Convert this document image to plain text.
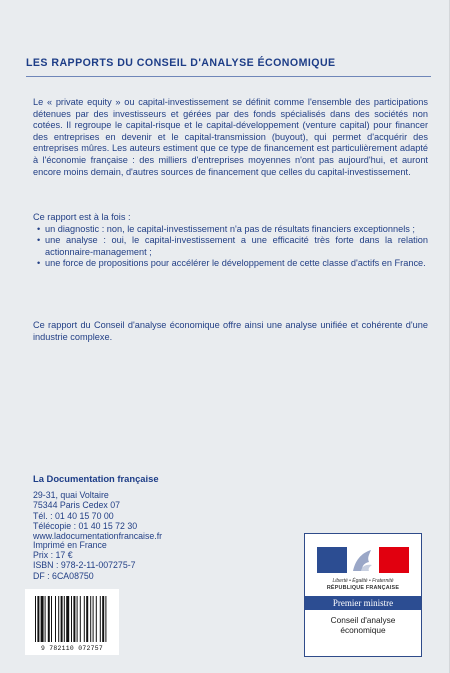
LES RAPPORTS DU CONSEIL D'ANALYSE ÉCONOMIQUE
Le « private equity » ou capital-investissement se définit comme l'ensemble des participations détenues par des investisseurs et gérées par des fonds spécialisés dans des sociétés non cotées. Il regroupe le capital-risque et le capital-développement (venture capital) pour financer des entreprises en devenir et le capital-transmission (buyout), qui permet d'acquérir des entreprises mûres. Les auteurs estiment que ce type de financement est particulièrement adapté à l'économie française : des milliers d'entreprises moyennes n'ont pas aujourd'hui, et auront encore moins demain, d'autres sources de financement que celles du capital-investissement.
Ce rapport est à la fois :
• un diagnostic : non, le capital-investissement n'a pas de résultats financiers exceptionnels ;
• une analyse : oui, le capital-investissement a une efficacité très forte dans la relation actionnaire-management ;
• une force de propositions pour accélérer le développement de cette classe d'actifs en France.
Ce rapport du Conseil d'analyse économique offre ainsi une analyse unifiée et cohérente d'une industrie complexe.
La Documentation française
29-31, quai Voltaire
75344 Paris Cedex 07
Tél. : 01 40 15 70 00
Télécopie : 01 40 15 72 30
www.ladocumentationfrancaise.fr
Imprimé en France
Prix : 17 €
ISBN : 978-2-11-007275-7
DF : 6CA08750
9 782110 072757
Liberté • Égalité • Fraternité
RÉPUBLIQUE FRANÇAISE
Premier ministre
Conseil d'analyse
économique
